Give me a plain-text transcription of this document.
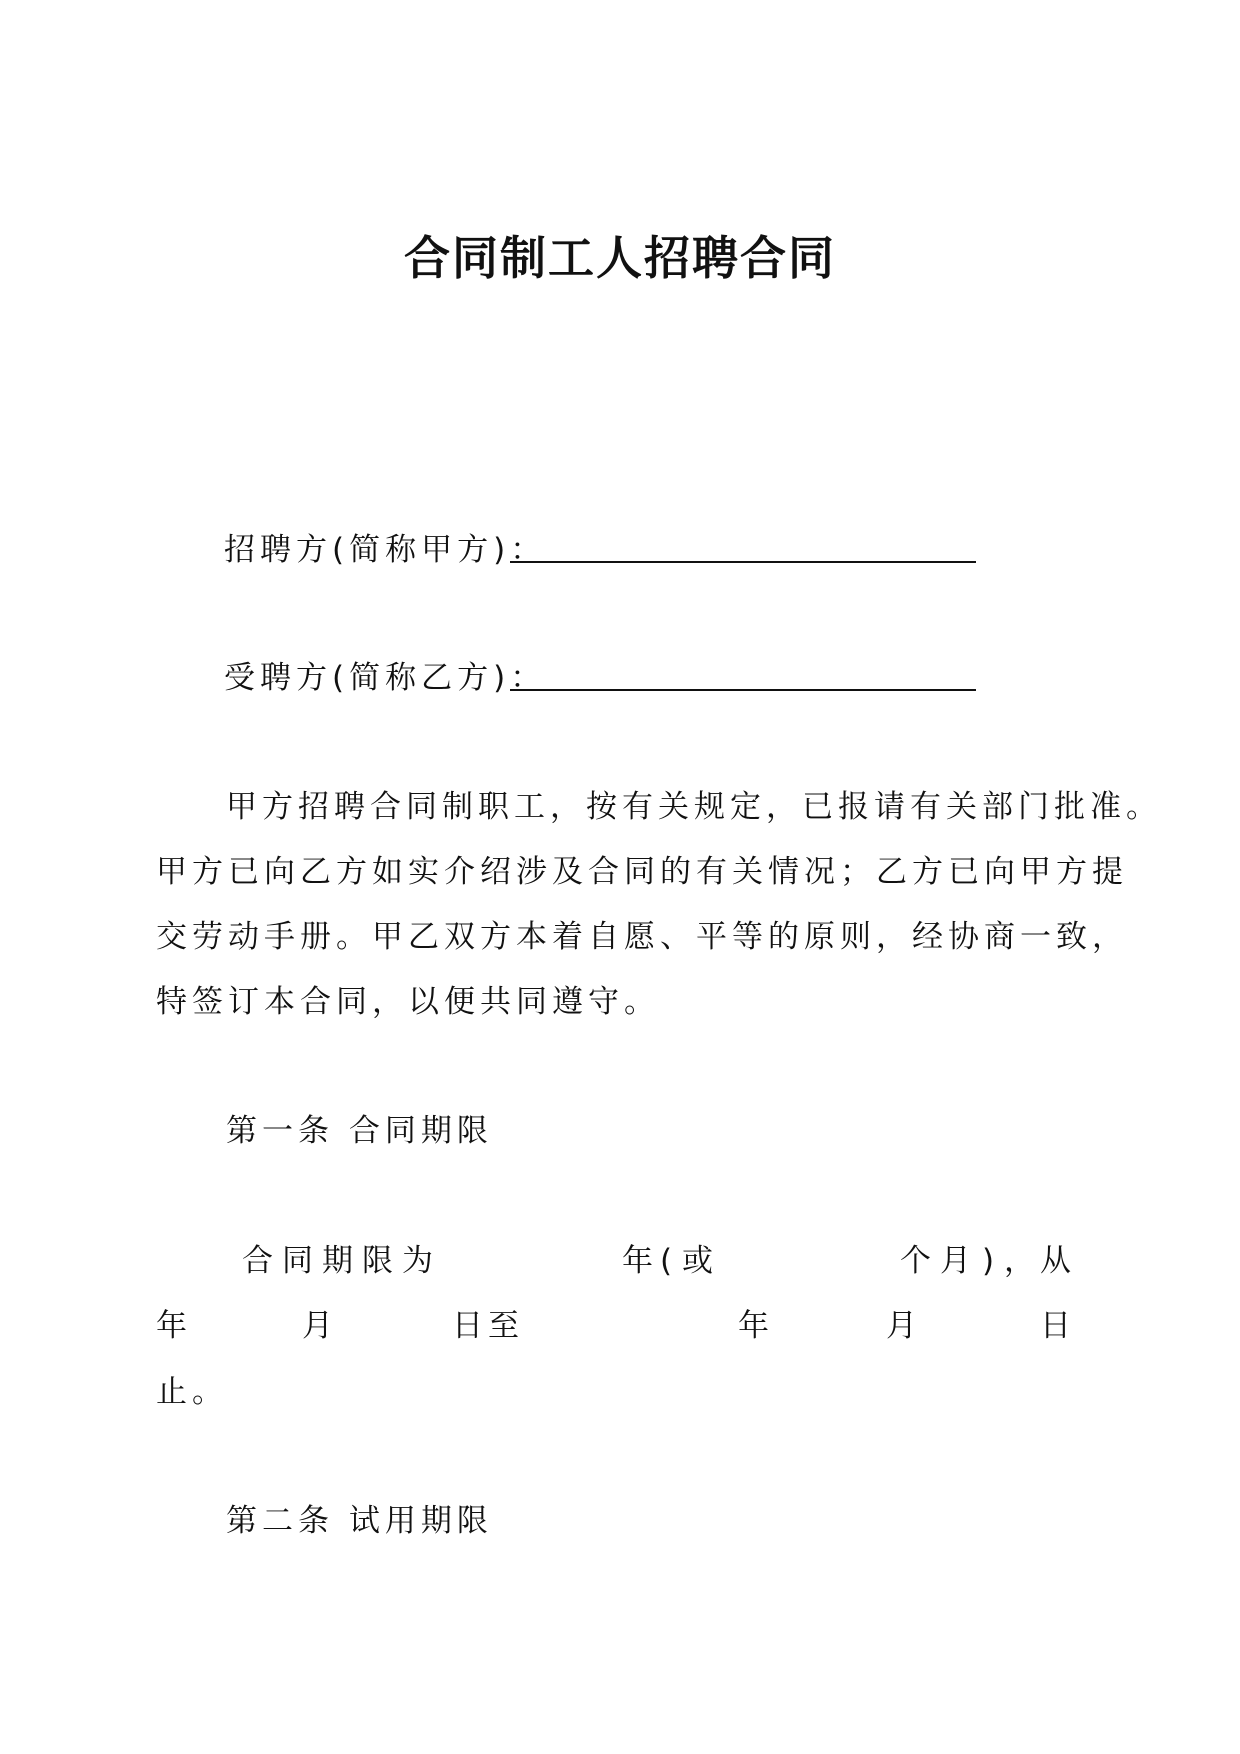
合同制工人招聘合同
招聘方(简称甲方)：
受聘方(简称乙方)：
甲方招聘合同制职工，按有关规定，已报请有关部门批准。
甲方已向乙方如实介绍涉及合同的有关情况；乙方已向甲方提
交劳动手册。甲乙双方本着自愿、平等的原则，经协商一致，
特签订本合同，以便共同遵守。
第一条 合同期限
合 同 期 限 为	年 ( 或	个 月 ) ， 从
年	月	日至	年	月	日
止。
第二条 试用期限
